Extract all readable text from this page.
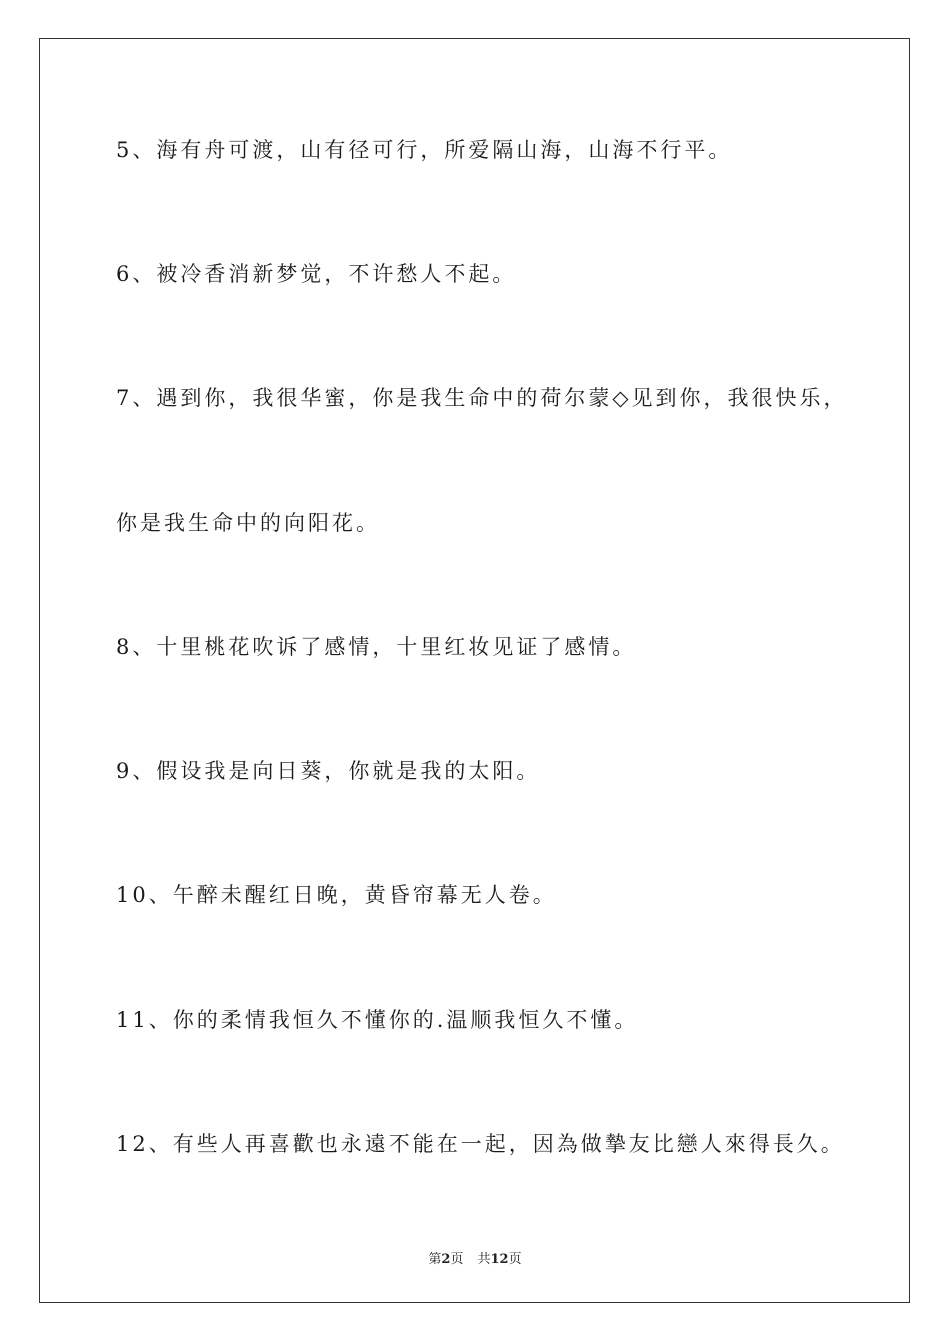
5、海有舟可渡，山有径可行，所爱隔山海，山海不行平。
6、被冷香消新梦觉，不许愁人不起。
7、遇到你，我很华蜜，你是我生命中的荷尔蒙◇见到你，我很快乐，
你是我生命中的向阳花。
8、十里桃花吹诉了感情，十里红妆见证了感情。
9、假设我是向日葵，你就是我的太阳。
10、午醉未醒红日晚，黄昏帘幕无人卷。
11、你的柔情我恒久不懂你的.温顺我恒久不懂。
12、有些人再喜歡也永遠不能在一起，因為做摯友比戀人來得長久。
第2页 共12页
